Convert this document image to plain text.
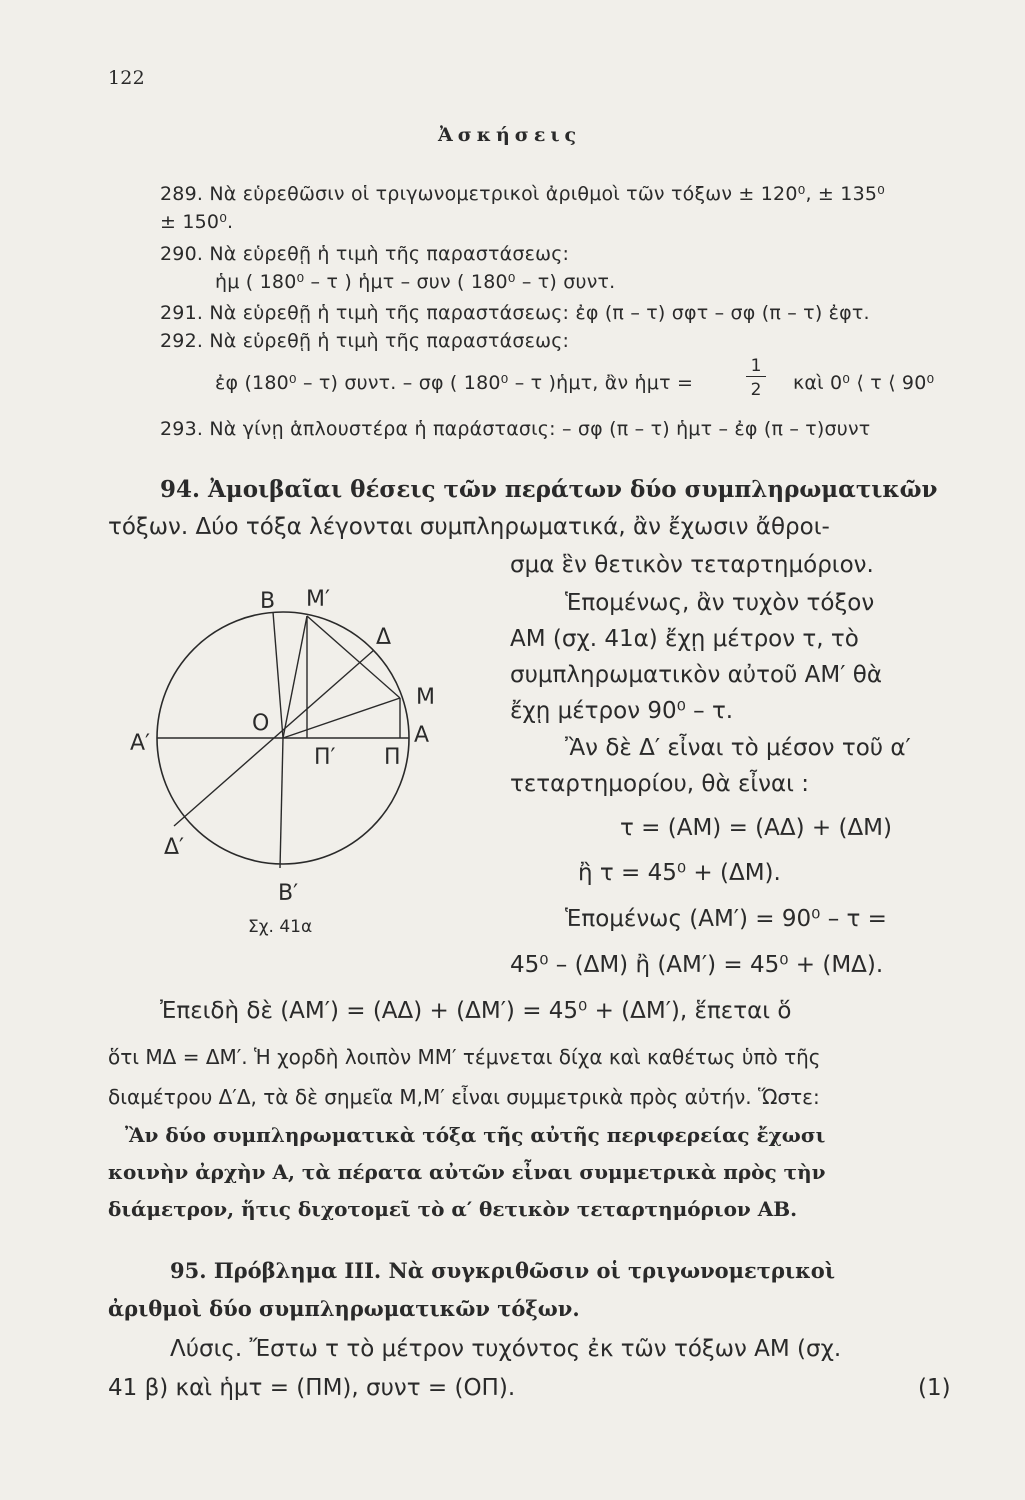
122
Ἀσκήσεις
289. Νὰ εὑρεθῶσιν οἱ τριγωνομετρικοὶ ἀριθμοὶ τῶν τόξων ± 120⁰, ± 135⁰
± 150⁰.
290. Νὰ εὑρεθῇ ἡ τιμὴ τῆς παραστάσεως:
ἡμ ( 180⁰ – τ ) ἡμτ – συν ( 180⁰ – τ) συντ.
291. Νὰ εὑρεθῇ ἡ τιμὴ τῆς παραστάσεως: ἐφ (π – τ) σφτ – σφ (π – τ) ἐφτ.
292. Νὰ εὑρεθῇ ἡ τιμὴ τῆς παραστάσεως:
ἐφ (180⁰ – τ) συντ. – σφ ( 180⁰ – τ )ἡμτ, ἂν ἡμτ =
1
2 καὶ 0⁰ ⟨ τ ⟨ 90⁰
293. Νὰ γίνῃ ἁπλουστέρα ἡ παράστασις: – σφ (π – τ) ἡμτ – ἐφ (π – τ)συντ
94. Ἀμοιβαῖαι θέσεις τῶν περάτων δύο συμπληρωματικῶν
τόξων. Δύο τόξα λέγονται συμπληρωματικά, ἂν ἔχωσιν ἄθροι-
σμα ἓν θετικὸν τεταρτημόριον.
Ἑπομένως, ἂν τυχὸν τόξον
ΑΜ (σχ. 41α) ἔχῃ μέτρον τ, τὸ
συμπληρωματικὸν αὐτοῦ ΑΜ′ θὰ
ἔχῃ μέτρον 90⁰ – τ.
Ἂν δὲ Δ′ εἶναι τὸ μέσον τοῦ α′
τεταρτημορίου, θὰ εἶναι :
τ = (ΑΜ) = (ΑΔ) + (ΔΜ)
ἢ τ = 45⁰ + (ΔΜ).
Ἑπομένως (ΑΜ′) = 90⁰ – τ =
45⁰ – (ΔΜ) ἢ (ΑΜ′) = 45⁰ + (ΜΔ).
Ἐπειδὴ δὲ (ΑΜ′) = (ΑΔ) + (ΔΜ′) = 45⁰ + (ΔΜ′), ἕπεται ὅ
ὅτι ΜΔ = ΔΜ′. Ἡ χορδὴ λοιπὸν ΜΜ′ τέμνεται δίχα καὶ καθέτως ὑπὸ τῆς
διαμέτρου Δ′Δ, τὰ δὲ σημεῖα Μ,Μ′ εἶναι συμμετρικὰ πρὸς αὐτήν. Ὥστε:
Ἂν δύο συμπληρωματικὰ τόξα τῆς αὐτῆς περιφερείας ἔχωσι
κοινὴν ἀρχὴν Α, τὰ πέρατα αὐτῶν εἶναι συμμετρικὰ πρὸς τὴν
διάμετρον, ἥτις διχοτομεῖ τὸ α′ θετικὸν τεταρτημόριον ΑΒ.
95. Πρόβλημα ΙΙΙ. Νὰ συγκριθῶσιν οἱ τριγωνομετρικοὶ
ἀριθμοὶ δύο συμπληρωματικῶν τόξων.
Λύσις. Ἔστω τ τὸ μέτρον τυχόντος ἐκ τῶν τόξων ΑΜ (σχ.
41 β) καὶ ἡμτ = (ΠΜ), συντ = (ΟΠ).	(1)
Β Μ′
Δ
Μ
Ο	Α
Α′
Π′ Π
Δ′
Β′
Σχ. 41α
